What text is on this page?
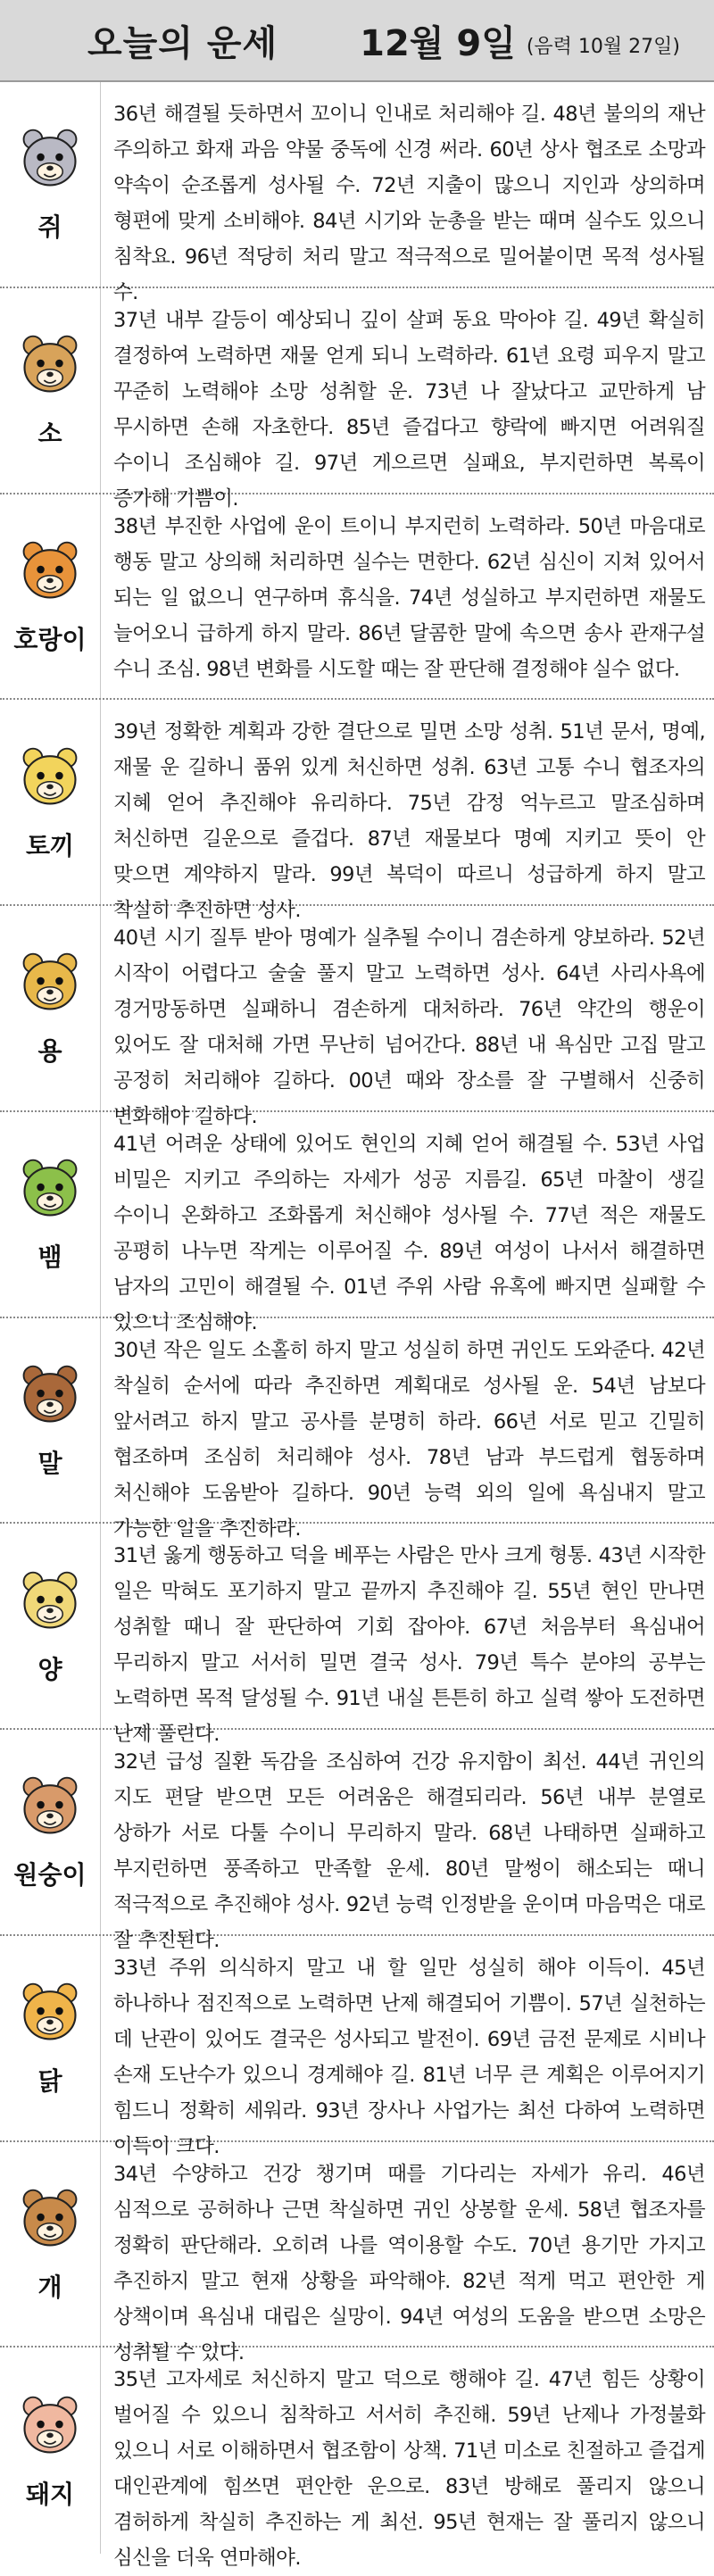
오늘의 운세 12월 9일 (음력 10월 27일)
쥐
36년 해결될 듯하면서 꼬이니 인내로 처리해야 길. 48년 불의의 재난 주의하고 화재 과음 약물 중독에 신경 써라. 60년 상사 협조로 소망과 약속이 순조롭게 성사될 수. 72년 지출이 많으니 지인과 상의하며 형편에 맞게 소비해야. 84년 시기와 눈총을 받는 때며 실수도 있으니 침착요. 96년 적당히 처리 말고 적극적으로 밀어붙이면 목적 성사될 수.
소
37년 내부 갈등이 예상되니 깊이 살펴 동요 막아야 길. 49년 확실히 결정하여 노력하면 재물 얻게 되니 노력하라. 61년 요령 피우지 말고 꾸준히 노력해야 소망 성취할 운. 73년 나 잘났다고 교만하게 남 무시하면 손해 자초한다. 85년 즐겁다고 향락에 빠지면 어려워질 수이니 조심해야 길. 97년 게으르면 실패요, 부지런하면 복록이 증가해 기쁨이.
호랑이
38년 부진한 사업에 운이 트이니 부지런히 노력하라. 50년 마음대로 행동 말고 상의해 처리하면 실수는 면한다. 62년 심신이 지쳐 있어서 되는 일 없으니 연구하며 휴식을. 74년 성실하고 부지런하면 재물도 늘어오니 급하게 하지 말라. 86년 달콤한 말에 속으면 송사 관재구설 수니 조심. 98년 변화를 시도할 때는 잘 판단해 결정해야 실수 없다.
토끼
39년 정확한 계획과 강한 결단으로 밀면 소망 성취. 51년 문서, 명예, 재물 운 길하니 품위 있게 처신하면 성취. 63년 고통 수니 협조자의 지혜 얻어 추진해야 유리하다. 75년 감정 억누르고 말조심하며 처신하면 길운으로 즐겁다. 87년 재물보다 명예 지키고 뜻이 안 맞으면 계약하지 말라. 99년 복덕이 따르니 성급하게 하지 말고 착실히 추진하면 성사.
용
40년 시기 질투 받아 명예가 실추될 수이니 겸손하게 양보하라. 52년 시작이 어렵다고 술술 풀지 말고 노력하면 성사. 64년 사리사욕에 경거망동하면 실패하니 겸손하게 대처하라. 76년 약간의 행운이 있어도 잘 대처해 가면 무난히 넘어간다. 88년 내 욕심만 고집 말고 공정히 처리해야 길하다. 00년 때와 장소를 잘 구별해서 신중히 변화해야 길하다.
뱀
41년 어려운 상태에 있어도 현인의 지혜 얻어 해결될 수. 53년 사업 비밀은 지키고 주의하는 자세가 성공 지름길. 65년 마찰이 생길 수이니 온화하고 조화롭게 처신해야 성사될 수. 77년 적은 재물도 공평히 나누면 작게는 이루어질 수. 89년 여성이 나서서 해결하면 남자의 고민이 해결될 수. 01년 주위 사람 유혹에 빠지면 실패할 수 있으니 조심해야.
말
30년 작은 일도 소홀히 하지 말고 성실히 하면 귀인도 도와준다. 42년 착실히 순서에 따라 추진하면 계획대로 성사될 운. 54년 남보다 앞서려고 하지 말고 공사를 분명히 하라. 66년 서로 믿고 긴밀히 협조하며 조심히 처리해야 성사. 78년 남과 부드럽게 협동하며 처신해야 도움받아 길하다. 90년 능력 외의 일에 욕심내지 말고 가능한 일을 추진하라.
양
31년 옳게 행동하고 덕을 베푸는 사람은 만사 크게 형통. 43년 시작한 일은 막혀도 포기하지 말고 끝까지 추진해야 길. 55년 현인 만나면 성취할 때니 잘 판단하여 기회 잡아야. 67년 처음부터 욕심내어 무리하지 말고 서서히 밀면 결국 성사. 79년 특수 분야의 공부는 노력하면 목적 달성될 수. 91년 내실 튼튼히 하고 실력 쌓아 도전하면 난제 풀린다.
원숭이
32년 급성 질환 독감을 조심하여 건강 유지함이 최선. 44년 귀인의 지도 편달 받으면 모든 어려움은 해결되리라. 56년 내부 분열로 상하가 서로 다툴 수이니 무리하지 말라. 68년 나태하면 실패하고 부지런하면 풍족하고 만족할 운세. 80년 말썽이 해소되는 때니 적극적으로 추진해야 성사. 92년 능력 인정받을 운이며 마음먹은 대로 잘 추진된다.
닭
33년 주위 의식하지 말고 내 할 일만 성실히 해야 이득이. 45년 하나하나 점진적으로 노력하면 난제 해결되어 기쁨이. 57년 실천하는 데 난관이 있어도 결국은 성사되고 발전이. 69년 금전 문제로 시비나 손재 도난수가 있으니 경계해야 길. 81년 너무 큰 계획은 이루어지기 힘드니 정확히 세워라. 93년 장사나 사업가는 최선 다하여 노력하면 이득이 크다.
개
34년 수양하고 건강 챙기며 때를 기다리는 자세가 유리. 46년 심적으로 공허하나 근면 착실하면 귀인 상봉할 운세. 58년 협조자를 정확히 판단해라. 오히려 나를 역이용할 수도. 70년 용기만 가지고 추진하지 말고 현재 상황을 파악해야. 82년 적게 먹고 편안한 게 상책이며 욕심내 대립은 실망이. 94년 여성의 도움을 받으면 소망은 성취될 수 있다.
돼지
35년 고자세로 처신하지 말고 덕으로 행해야 길. 47년 힘든 상황이 벌어질 수 있으니 침착하고 서서히 추진해. 59년 난제나 가정불화 있으니 서로 이해하면서 협조함이 상책. 71년 미소로 친절하고 즐겁게 대인관계에 힘쓰면 편안한 운으로. 83년 방해로 풀리지 않으니 겸허하게 착실히 추진하는 게 최선. 95년 현재는 잘 풀리지 않으니 심신을 더욱 연마해야.
